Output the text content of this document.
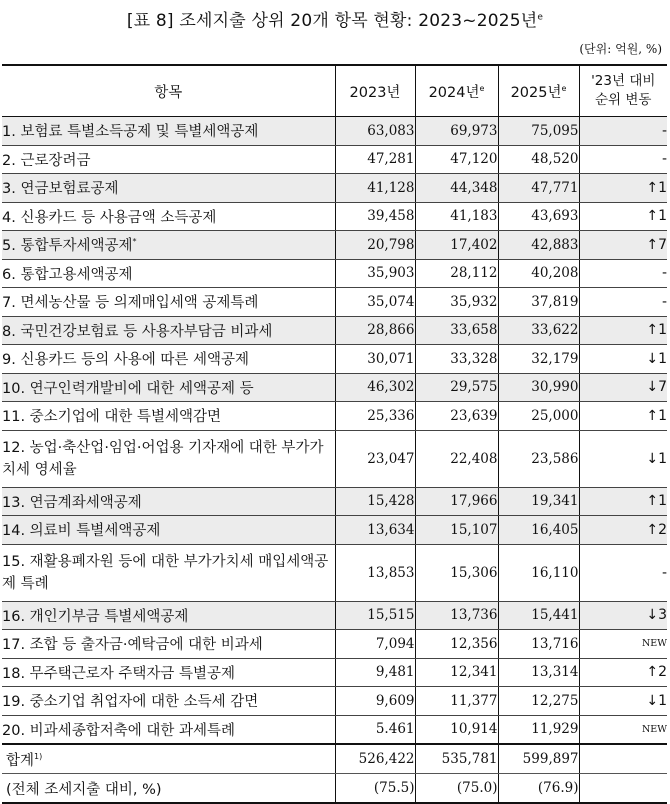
[표 8] 조세지출 상위 20개 항목 현황: 2023~2025년$^e$
(단위: 억원, %)
항목	2023년	2024년$^e$	2025년$^e$	'23년 대비
순위 변동

1. 보험료 특별소득공제 및 특별세액공제	63,083	69,973	75,095	-
2. 근로장려금	47,281	47,120	48,520	-
3. 연금보험료공제	41,128	44,348	47,771	↑1
4. 신용카드 등 사용금액 소득공제	39,458	41,183	43,693	↑1
5. 통합투자세액공제*	20,798	17,402	42,883	↑7
6. 통합고용세액공제	35,903	28,112	40,208	-
7. 면세농산물 등 의제매입세액 공제특례	35,074	35,932	37,819	-
8. 국민건강보험료 등 사용자부담금 비과세	28,866	33,658	33,622	↑1
9. 신용카드 등의 사용에 따른 세액공제	30,071	33,328	32,179	↓1
10. 연구인력개발비에 대한 세액공제 등	46,302	29,575	30,990	↓7
11. 중소기업에 대한 특별세액감면	25,336	23,639	25,000	↑1
12. 농업·축산업·임업·어업용 기자재에 대한 부가가치세 영세율	23,047	22,408	23,586	↓1
13. 연금계좌세액공제	15,428	17,966	19,341	↑1
14. 의료비 특별세액공제	13,634	15,107	16,405	↑2
15. 재활용폐자원 등에 대한 부가가치세 매입세액공제 특례	13,853	15,306	16,110	-
16. 개인기부금 특별세액공제	15,515	13,736	15,441	↓3
17. 조합 등 출자금·예탁금에 대한 비과세	7,094	12,356	13,716	NEW
18. 무주택근로자 주택자금 특별공제	9,481	12,341	13,314	↑2
19. 중소기업 취업자에 대한 소득세 감면	9,609	11,377	12,275	↓1
20. 비과세종합저축에 대한 과세특례	5.461	10,914	11,929	NEW
합계$^{1)}$	526,422	535,781	599,897	
(전체 조세지출 대비, %)	(75.5)	(75.0)	(76.9)	
